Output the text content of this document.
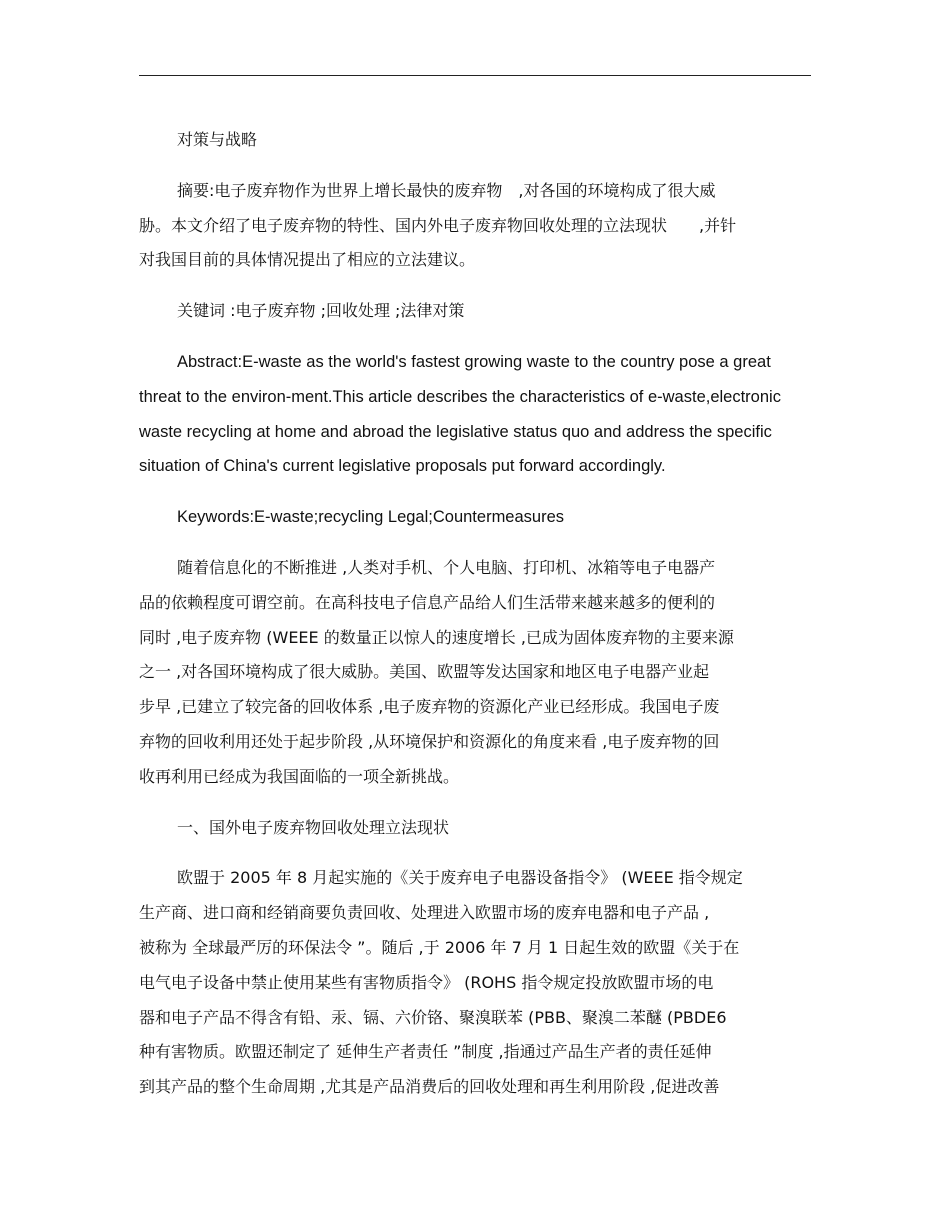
对策与战略
摘要:电子废弃物作为世界上增长最快的废弃物　,对各国的环境构成了很大威
胁。本文介绍了电子废弃物的特性、国内外电子废弃物回收处理的立法现状　　,并针
对我国目前的具体情况提出了相应的立法建议。
关键词 :电子废弃物 ;回收处理 ;法律对策
Abstract:E-waste as the world's fastest growing waste to the country pose a great
threat to the environ-ment.This article describes the characteristics of e-waste,electronic
waste recycling at home and abroad the legislative status quo and address the specific
situation of China's current legislative proposals put forward accordingly.
Keywords:E-waste;recycling Legal;Countermeasures
随着信息化的不断推进 ,人类对手机、个人电脑、打印机、冰箱等电子电器产
品的依赖程度可谓空前。在高科技电子信息产品给人们生活带来越来越多的便利的
同时 ,电子废弃物 (WEEE 的数量正以惊人的速度增长 ,已成为固体废弃物的主要来源
之一 ,对各国环境构成了很大威胁。美国、欧盟等发达国家和地区电子电器产业起
步早 ,已建立了较完备的回收体系 ,电子废弃物的资源化产业已经形成。我国电子废
弃物的回收利用还处于起步阶段 ,从环境保护和资源化的角度来看 ,电子废弃物的回
收再利用已经成为我国面临的一项全新挑战。
一、国外电子废弃物回收处理立法现状
欧盟于 2005 年 8 月起实施的《关于废弃电子电器设备指令》 (WEEE 指令规定
生产商、进口商和经销商要负责回收、处理进入欧盟市场的废弃电器和电子产品 ,
被称为 全球最严厉的环保法令 ”。随后 ,于 2006 年 7 月 1 日起生效的欧盟《关于在
电气电子设备中禁止使用某些有害物质指令》 (ROHS 指令规定投放欧盟市场的电
器和电子产品不得含有铅、汞、镉、六价铬、聚溴联苯 (PBB、聚溴二苯醚 (PBDE6
种有害物质。欧盟还制定了 延伸生产者责任 ”制度 ,指通过产品生产者的责任延伸
到其产品的整个生命周期 ,尤其是产品消费后的回收处理和再生利用阶段 ,促进改善
